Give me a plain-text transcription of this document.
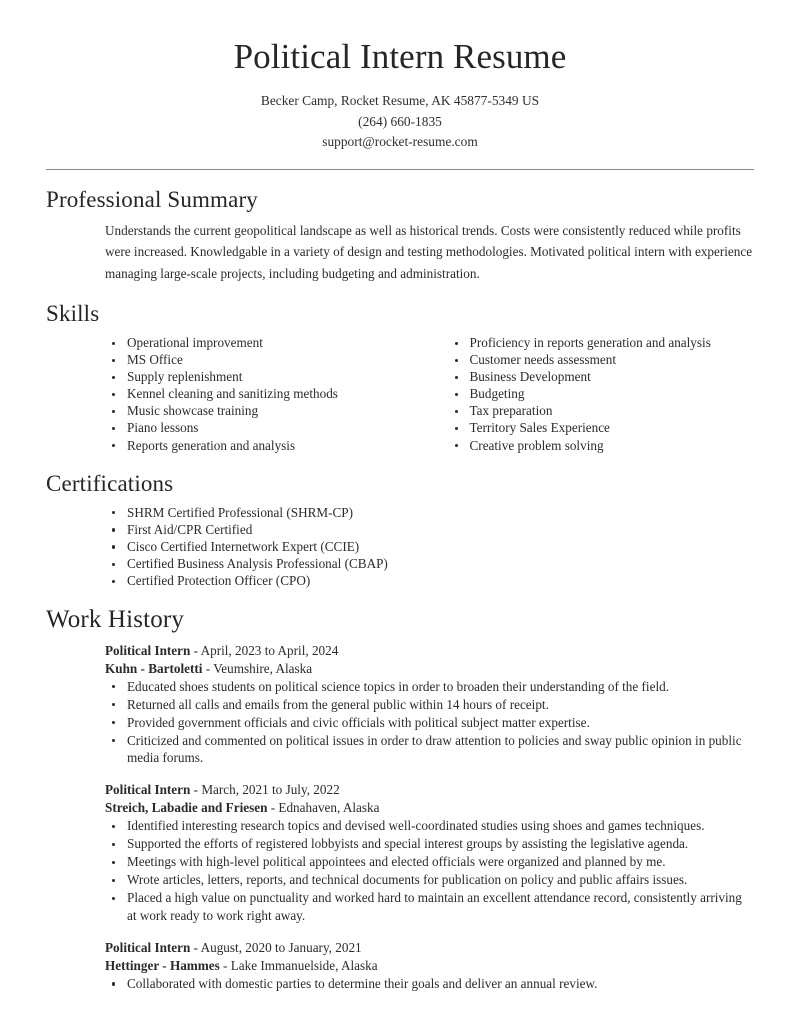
Political Intern Resume

Becker Camp, Rocket Resume, AK 45877-5349 US

(264) 660-1835

support@rocket-resume.com

Professional Summary

Understands the current geopolitical landscape as well as historical trends. Costs were consistently reduced while profits were increased. Knowledgable in a variety of design and testing methodologies. Motivated political intern with experience managing large-scale projects, including budgeting and administration.

Skills
Operational improvement
MS Office
Supply replenishment
Kennel cleaning and sanitizing methods
Music showcase training
Piano lessons
Reports generation and analysis
Proficiency in reports generation and analysis
Customer needs assessment
Business Development
Budgeting
Tax preparation
Territory Sales Experience
Creative problem solving
Certifications
SHRM Certified Professional (SHRM-CP)
First Aid/CPR Certified
Cisco Certified Internetwork Expert (CCIE)
Certified Business Analysis Professional (CBAP)
Certified Protection Officer (CPO)
Work History
Political Intern - April, 2023 to April, 2024
Kuhn - Bartoletti - Veumshire, Alaska
Educated shoes students on political science topics in order to broaden their understanding of the field.
Returned all calls and emails from the general public within 14 hours of receipt.
Provided government officials and civic officials with political subject matter expertise.
Criticized and commented on political issues in order to draw attention to policies and sway public opinion in public media forums.
Political Intern - March, 2021 to July, 2022
Streich, Labadie and Friesen - Ednahaven, Alaska
Identified interesting research topics and devised well-coordinated studies using shoes and games techniques.
Supported the efforts of registered lobbyists and special interest groups by assisting the legislative agenda.
Meetings with high-level political appointees and elected officials were organized and planned by me.
Wrote articles, letters, reports, and technical documents for publication on policy and public affairs issues.
Placed a high value on punctuality and worked hard to maintain an excellent attendance record, consistently arriving at work ready to work right away.
Political Intern - August, 2020 to January, 2021
Hettinger - Hammes - Lake Immanuelside, Alaska
Collaborated with domestic parties to determine their goals and deliver an annual review.
